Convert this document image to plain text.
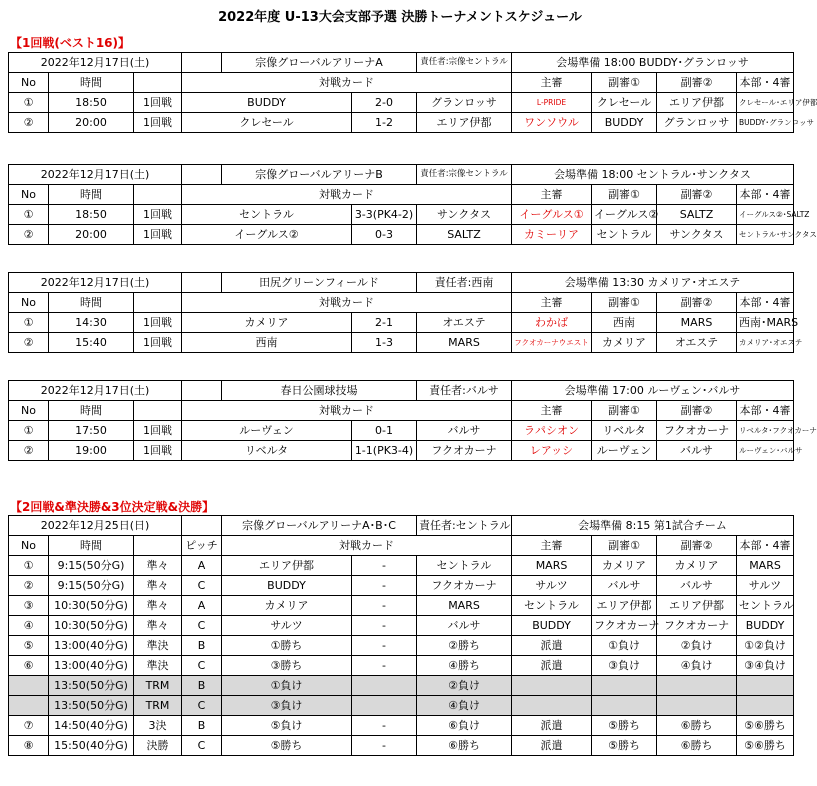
2022年度 U-13大会支部予選 決勝トーナメントスケジュール
【1回戦(ベスト16)】
2022年12月17日(土)				宗像グローバルアリーナA		責任者:宗像セントラル	会場準備 18:00 BUDDY･グランロッサ			
No	時間		対戦カード				主審	副審①	副審②	本部・4審
①	18:50	1回戦	BUDDY		2-0	グランロッサ	L-PRIDE	クレセール	エリア伊都	クレセール･エリア伊都
②	20:00	1回戦	クレセール		1-2	エリア伊都	ワンソウル	BUDDY	グランロッサ	BUDDY･グランロッサ
2022年12月17日(土)				宗像グローバルアリーナB		責任者:宗像セントラル	会場準備 18:00 セントラル･サンクタス			
No	時間		対戦カード				主審	副審①	副審②	本部・4審
①	18:50	1回戦	セントラル		3-3(PK4-2)	サンクタス	イーグルス①	イーグルス②	SALTZ	イーグルス②･SALTZ
②	20:00	1回戦	イーグルス②		0-3	SALTZ	カミーリア	セントラル	サンクタス	セントラル･サンクタス
2022年12月17日(土)				田尻グリーンフィールド		責任者:西南	会場準備 13:30 カメリア･オエステ			
No	時間		対戦カード				主審	副審①	副審②	本部・4審
①	14:30	1回戦	カメリア		2-1	オエステ	わかば	西南	MARS	西南･MARS
②	15:40	1回戦	西南		1-3	MARS	フクオカーナウエスト	カメリア	オエステ	カメリア･オエステ
2022年12月17日(土)				春日公園球技場		責任者:バルサ	会場準備 17:00 ルーヴェン･バルサ			
No	時間		対戦カード				主審	副審①	副審②	本部・4審
①	17:50	1回戦	ルーヴェン		0-1	バルサ	ラパシオン	リベルタ	フクオカーナ	リベルタ･フクオカーナ
②	19:00	1回戦	リベルタ		1-1(PK3-4)	フクオカーナ	レアッシ	ルーヴェン	バルサ	ルーヴェン･バルサ
【2回戦&準決勝&3位決定戦&決勝】
2022年12月25日(日)				宗像グローバルアリーナA･B･C		責任者:セントラル	会場準備 8:15 第1試合チーム			
No	時間		ピッチ	対戦カード			主審	副審①	副審②	本部・4審
①	9:15(50分G)	準々	A	エリア伊都	-	セントラル	MARS	カメリア	カメリア	MARS
②	9:15(50分G)	準々	C	BUDDY	-	フクオカーナ	サルツ	バルサ	バルサ	サルツ
③	10:30(50分G)	準々	A	カメリア	-	MARS	セントラル	エリア伊都	エリア伊都	セントラル
④	10:30(50分G)	準々	C	サルツ	-	バルサ	BUDDY	フクオカーナ	フクオカーナ	BUDDY
⑤	13:00(40分G)	準決	B	①勝ち	-	②勝ち	派遣	①負け	②負け	①②負け
⑥	13:00(40分G)	準決	C	③勝ち	-	④勝ち	派遣	③負け	④負け	③④負け
	13:50(50分G)	TRM	B	①負け		②負け				
	13:50(50分G)	TRM	C	③負け		④負け				
⑦	14:50(40分G)	3決	B	⑤負け	-	⑥負け	派遣	⑤勝ち	⑥勝ち	⑤⑥勝ち
⑧	15:50(40分G)	決勝	C	⑤勝ち	-	⑥勝ち	派遣	⑤勝ち	⑥勝ち	⑤⑥勝ち
